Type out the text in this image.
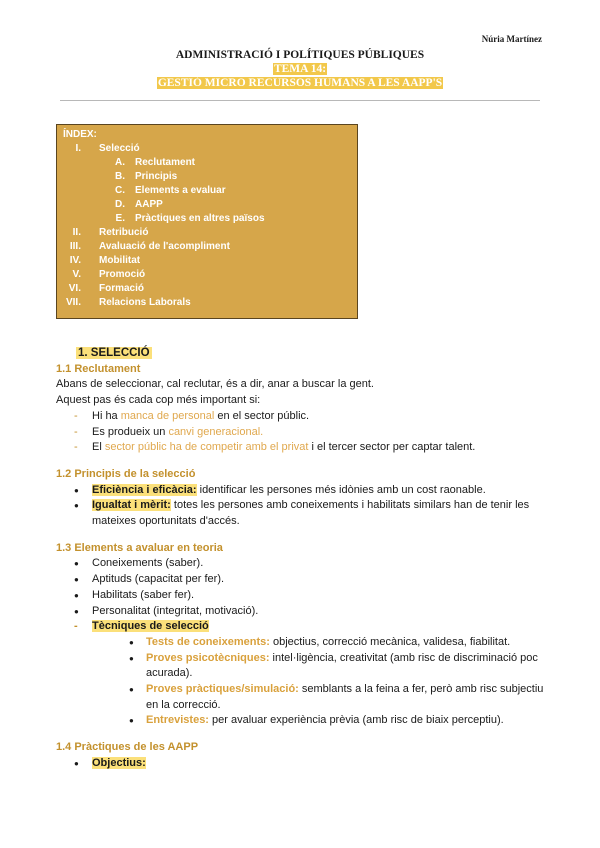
Núria Martínez
ADMINISTRACIÓ I POLÍTIQUES PÚBLIQUES
TEMA 14:
GESTIÓ MICRO RECURSOS HUMANS A LES AAPP'S
ÍNDEX:
I. Selecció
A. Reclutament
B. Principis
C. Elements a evaluar
D. AAPP
E. Pràctiques en altres països
II. Retribució
III. Avaluació de l'acompliment
IV. Mobilitat
V. Promoció
VI. Formació
VII. Relacions Laborals
1. SELECCIÓ
1.1 Reclutament
Abans de seleccionar, cal reclutar, és a dir, anar a buscar la gent.
Aquest pas és cada cop més important si:
- Hi ha manca de personal en el sector públic.
- Es produeix un canvi generacional.
- El sector públic ha de competir amb el privat i el tercer sector per captar talent.
1.2 Principis de la selecció
● Eficiència i eficàcia: identificar les persones més idònies amb un cost raonable.
● Igualtat i mèrit: totes les persones amb coneixements i habilitats similars han de tenir les mateixes oportunitats d'accés.
1.3 Elements a avaluar en teoria
● Coneixements (saber).
● Aptituds (capacitat per fer).
● Habilitats (saber fer).
● Personalitat (integritat, motivació).
- Tècniques de selecció
● Tests de coneixements: objectius, correcció mecànica, validesa, fiabilitat.
● Proves psicotècniques: intel·ligència, creativitat (amb risc de discriminació poc acurada).
● Proves pràctiques/simulació: semblants a la feina a fer, però amb risc subjectiu en la correcció.
● Entrevistes: per avaluar experiència prèvia (amb risc de biaix perceptiu).
1.4 Pràctiques de les AAPP
● Objectius:
